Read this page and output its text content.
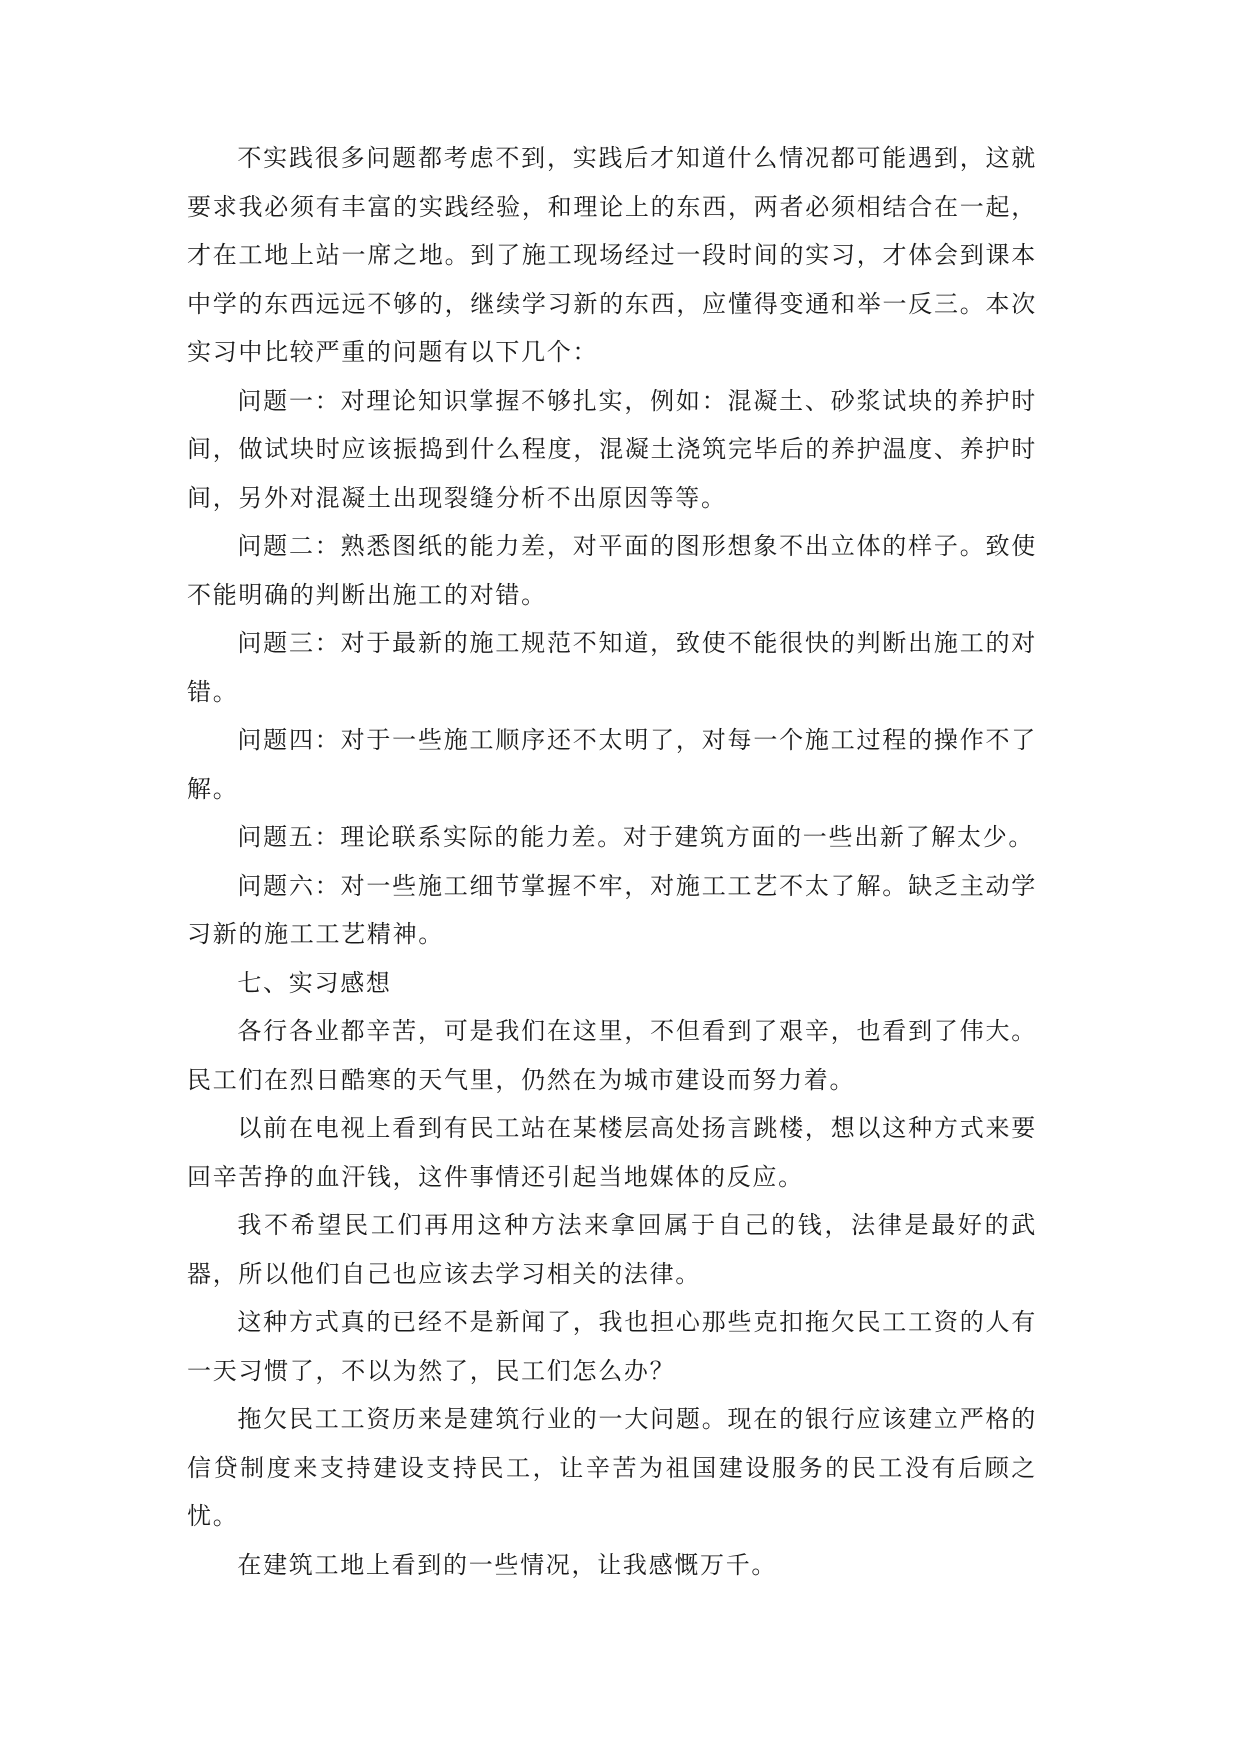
不实践很多问题都考虑不到，实践后才知道什么情况都可能遇到，这就要求我必须有丰富的实践经验，和理论上的东西，两者必须相结合在一起，才在工地上站一席之地。到了施工现场经过一段时间的实习，才体会到课本中学的东西远远不够的，继续学习新的东西，应懂得变通和举一反三。本次实习中比较严重的问题有以下几个：

问题一：对理论知识掌握不够扎实，例如：混凝土、砂浆试块的养护时间，做试块时应该振捣到什么程度，混凝土浇筑完毕后的养护温度、养护时间，另外对混凝土出现裂缝分析不出原因等等。

问题二：熟悉图纸的能力差，对平面的图形想象不出立体的样子。致使不能明确的判断出施工的对错。

问题三：对于最新的施工规范不知道，致使不能很快的判断出施工的对错。

问题四：对于一些施工顺序还不太明了，对每一个施工过程的操作不了解。

问题五：理论联系实际的能力差。对于建筑方面的一些出新了解太少。

问题六：对一些施工细节掌握不牢，对施工工艺不太了解。缺乏主动学习新的施工工艺精神。

七、实习感想

各行各业都辛苦，可是我们在这里，不但看到了艰辛，也看到了伟大。民工们在烈日酷寒的天气里，仍然在为城市建设而努力着。

以前在电视上看到有民工站在某楼层高处扬言跳楼，想以这种方式来要回辛苦挣的血汗钱，这件事情还引起当地媒体的反应。

我不希望民工们再用这种方法来拿回属于自己的钱，法律是最好的武器，所以他们自己也应该去学习相关的法律。

这种方式真的已经不是新闻了，我也担心那些克扣拖欠民工工资的人有一天习惯了，不以为然了，民工们怎么办？

拖欠民工工资历来是建筑行业的一大问题。现在的银行应该建立严格的信贷制度来支持建设支持民工，让辛苦为祖国建设服务的民工没有后顾之忧。

在建筑工地上看到的一些情况，让我感慨万千。
